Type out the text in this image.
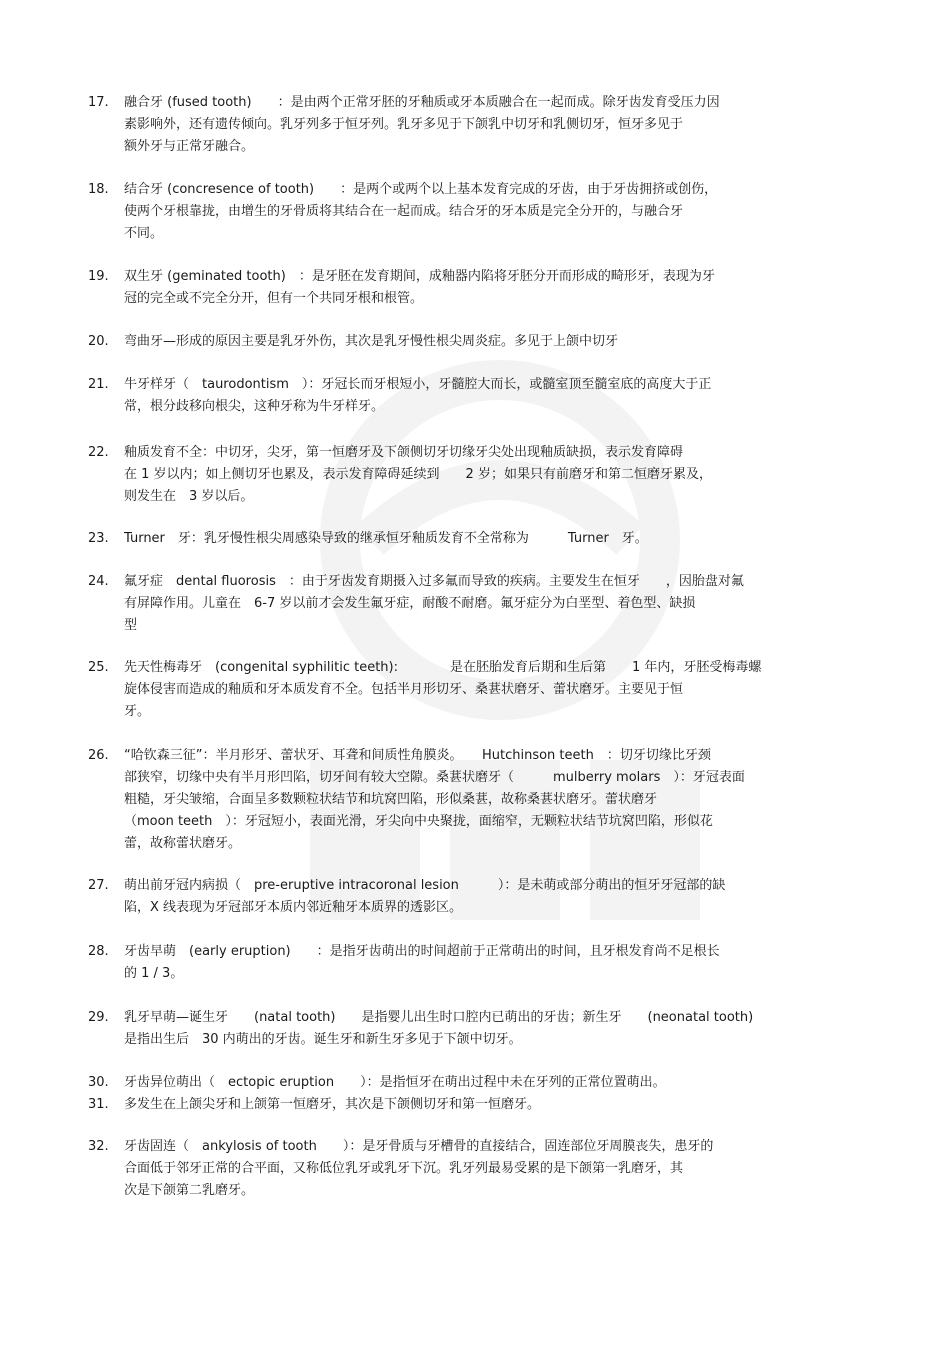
17.	融合牙 (fused tooth)　　：是由两个正常牙胚的牙釉质或牙本质融合在一起而成。除牙齿发育受压力因
素影响外，还有遗传倾向。乳牙列多于恒牙列。乳牙多见于下颌乳中切牙和乳侧切牙，恒牙多见于
额外牙与正常牙融合。
18.	结合牙 (concresence of tooth)　　：是两个或两个以上基本发育完成的牙齿，由于牙齿拥挤或创伤，
使两个牙根靠拢，由增生的牙骨质将其结合在一起而成。结合牙的牙本质是完全分开的，与融合牙
不同。
19.	双生牙 (geminated tooth)　：是牙胚在发育期间，成釉器内陷将牙胚分开而形成的畸形牙，表现为牙
冠的完全或不完全分开，但有一个共同牙根和根管。
20.	弯曲牙—形成的原因主要是乳牙外伤，其次是乳牙慢性根尖周炎症。多见于上颌中切牙
21.	牛牙样牙（　taurodontism　）：牙冠长而牙根短小，牙髓腔大而长，或髓室顶至髓室底的高度大于正
常，根分歧移向根尖，这种牙称为牛牙样牙。
22.	釉质发育不全：中切牙，尖牙，第一恒磨牙及下颌侧切牙切缘牙尖处出现釉质缺损，表示发育障碍
在 1 岁以内；如上侧切牙也累及，表示发育障碍延续到　　2 岁；如果只有前磨牙和第二恒磨牙累及，
则发生在　3 岁以后。
23.	Turner　牙：乳牙慢性根尖周感染导致的继承恒牙釉质发育不全常称为　　　Turner　牙。
24.	氟牙症　dental fluorosis　：由于牙齿发育期摄入过多氟而导致的疾病。主要发生在恒牙　　，因胎盘对氟
有屏障作用。儿童在　6-7 岁以前才会发生氟牙症，耐酸不耐磨。氟牙症分为白垩型、着色型、缺损
型
25.	先天性梅毒牙　(congenital syphilitic teeth):　　　　是在胚胎发育后期和生后第　　1 年内，牙胚受梅毒螺
旋体侵害而造成的釉质和牙本质发育不全。包括半月形切牙、桑葚状磨牙、蕾状磨牙。主要见于恒
牙。
26.	“哈钦森三征”：半月形牙、蕾状牙、耳聋和间质性角膜炎。　　Hutchinson teeth　：切牙切缘比牙颈
部狭窄，切缘中央有半月形凹陷，切牙间有较大空隙。桑葚状磨牙（　　　mulberry molars　）：牙冠表面
粗糙，牙尖皱缩，合面呈多数颗粒状结节和坑窝凹陷，形似桑葚，故称桑葚状磨牙。蕾状磨牙
（moon teeth　）：牙冠短小，表面光滑，牙尖向中央聚拢，面缩窄，无颗粒状结节坑窝凹陷，形似花
蕾，故称蕾状磨牙。
27.	萌出前牙冠内病损（　pre-eruptive intracoronal lesion　　　）：是未萌或部分萌出的恒牙牙冠部的缺
陷，X 线表现为牙冠部牙本质内邻近釉牙本质界的透影区。
28.	牙齿早萌　(early eruption)　　：是指牙齿萌出的时间超前于正常萌出的时间，且牙根发育尚不足根长
的 1 / 3。
29.	乳牙早萌—诞生牙　　(natal tooth)　　是指婴儿出生时口腔内已萌出的牙齿；新生牙　　(neonatal tooth)
是指出生后　30 内萌出的牙齿。诞生牙和新生牙多见于下颌中切牙。
30.	牙齿异位萌出（　ectopic eruption　　）：是指恒牙在萌出过程中未在牙列的正常位置萌出。
31.	多发生在上颌尖牙和上颌第一恒磨牙，其次是下颌侧切牙和第一恒磨牙。
32.	牙齿固连（　ankylosis of tooth　　）：是牙骨质与牙槽骨的直接结合，固连部位牙周膜丧失，患牙的
合面低于邻牙正常的合平面，又称低位乳牙或乳牙下沉。乳牙列最易受累的是下颌第一乳磨牙，其
次是下颌第二乳磨牙。
